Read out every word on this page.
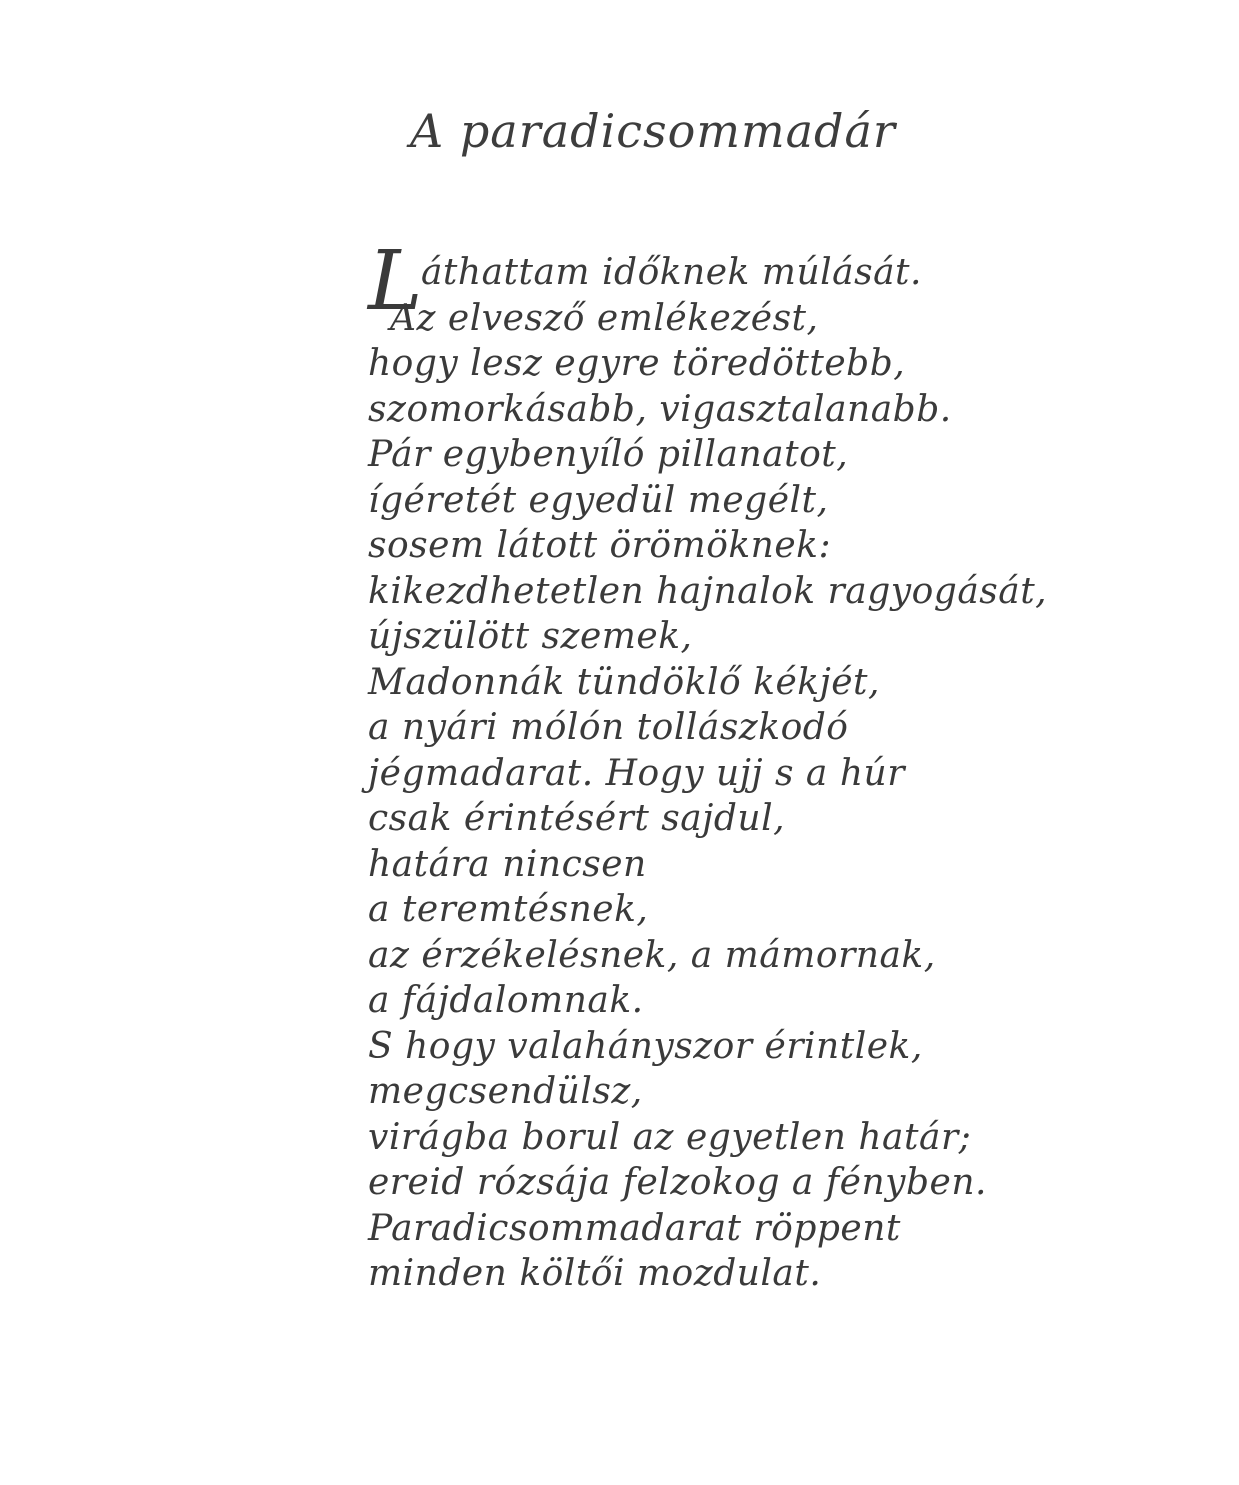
A paradicsommadár
Láthattam időknek múlását.
Az elvesző emlékezést,
hogy lesz egyre töredöttebb,
szomorkásabb, vigasztalanabb.
Pár egybenyíló pillanatot,
ígéretét egyedül megélt,
sosem látott örömöknek:
kikezdhetetlen hajnalok ragyogását,
újszülött szemek,
Madonnák tündöklő kékjét,
a nyári mólón tollászkodó
jégmadarat. Hogy ujj s a húr
csak érintésért sajdul,
határa nincsen
a teremtésnek,
az érzékelésnek, a mámornak,
a fájdalomnak.
S hogy valahányszor érintlek,
megcsendülsz,
virágba borul az egyetlen határ;
ereid rózsája felzokog a fényben.
Paradicsommadarat röppent
minden költői mozdulat.
